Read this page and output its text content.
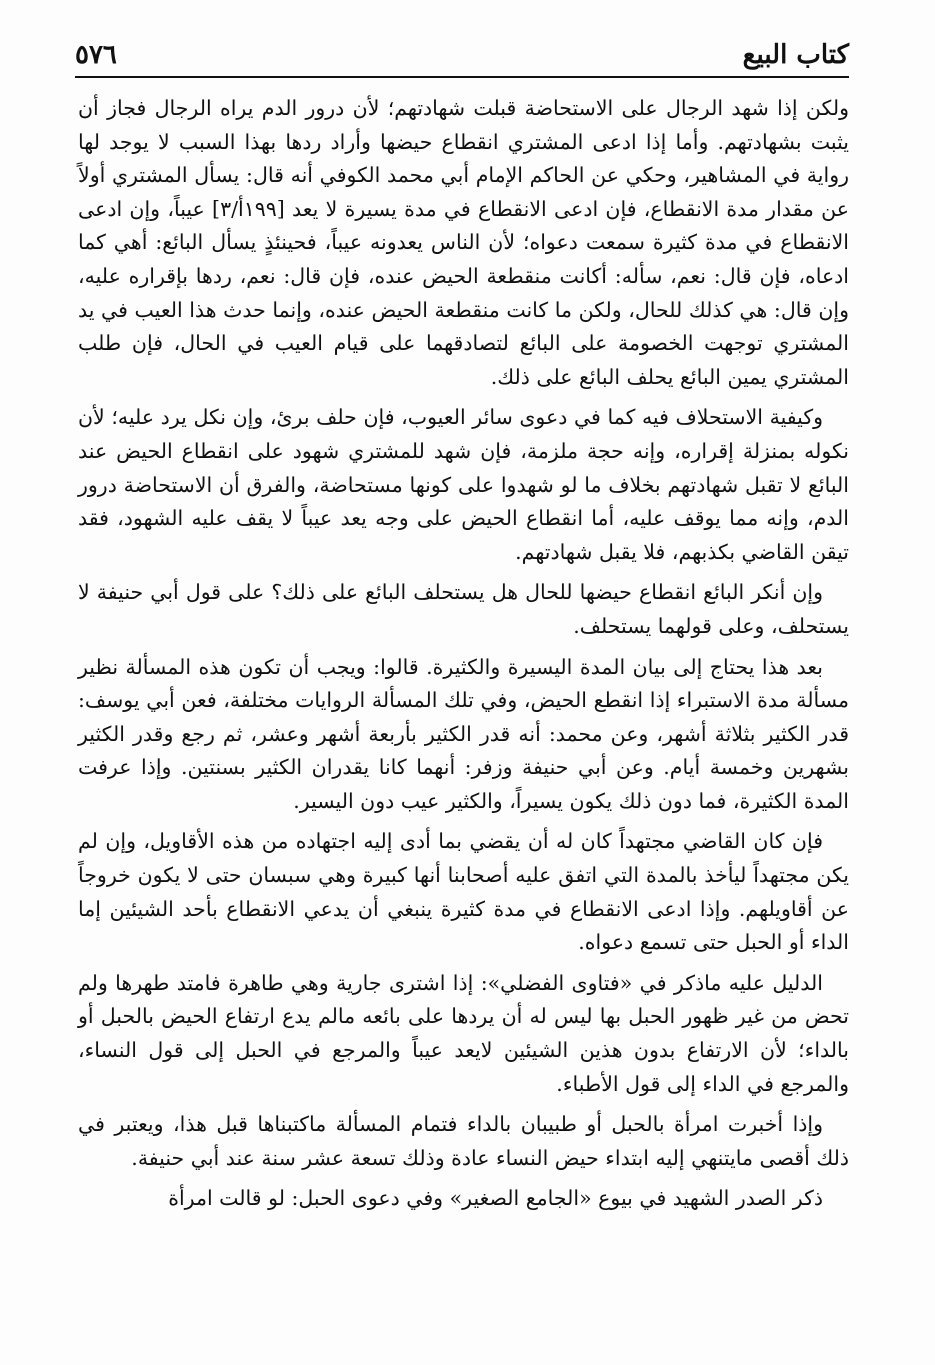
كتاب البيع
٥٧٦

ولكن إذا شهد الرجال على الاستحاضة قبلت شهادتهم؛ لأن درور الدم يراه الرجال فجاز أن يثبت بشهادتهم. وأما إذا ادعى المشتري انقطاع حيضها وأراد ردها بهذا السبب لا يوجد لها رواية في المشاهير، وحكي عن الحاكم الإمام أبي محمد الكوفي أنه قال: يسأل المشتري أولاً عن مقدار مدة الانقطاع، فإن ادعى الانقطاع في مدة يسيرة لا يعد [١٩٩أ/٣] عيباً، وإن ادعى الانقطاع في مدة كثيرة سمعت دعواه؛ لأن الناس يعدونه عيباً، فحينئذٍ يسأل البائع: أهي كما ادعاه، فإن قال: نعم، سأله: أكانت منقطعة الحيض عنده، فإن قال: نعم، ردها بإقراره عليه، وإن قال: هي كذلك للحال، ولكن ما كانت منقطعة الحيض عنده، وإنما حدث هذا العيب في يد المشتري توجهت الخصومة على البائع لتصادقهما على قيام العيب في الحال، فإن طلب المشتري يمين البائع يحلف البائع على ذلك.

وكيفية الاستحلاف فيه كما في دعوى سائر العيوب، فإن حلف برئ، وإن نكل يرد عليه؛ لأن نكوله بمنزلة إقراره، وإنه حجة ملزمة، فإن شهد للمشتري شهود على انقطاع الحيض عند البائع لا تقبل شهادتهم بخلاف ما لو شهدوا على كونها مستحاضة، والفرق أن الاستحاضة درور الدم، وإنه مما يوقف عليه، أما انقطاع الحيض على وجه يعد عيباً لا يقف عليه الشهود، فقد تيقن القاضي بكذبهم، فلا يقبل شهادتهم.

وإن أنكر البائع انقطاع حيضها للحال هل يستحلف البائع على ذلك؟ على قول أبي حنيفة لا يستحلف، وعلى قولهما يستحلف.

بعد هذا يحتاج إلى بيان المدة اليسيرة والكثيرة. قالوا: ويجب أن تكون هذه المسألة نظير مسألة مدة الاستبراء إذا انقطع الحيض، وفي تلك المسألة الروايات مختلفة، فعن أبي يوسف: قدر الكثير بثلاثة أشهر، وعن محمد: أنه قدر الكثير بأربعة أشهر وعشر، ثم رجع وقدر الكثير بشهرين وخمسة أيام. وعن أبي حنيفة وزفر: أنهما كانا يقدران الكثير بسنتين. وإذا عرفت المدة الكثيرة، فما دون ذلك يكون يسيراً، والكثير عيب دون اليسير.

فإن كان القاضي مجتهداً كان له أن يقضي بما أدى إليه اجتهاده من هذه الأقاويل، وإن لم يكن مجتهداً ليأخذ بالمدة التي اتفق عليه أصحابنا أنها كبيرة وهي سبسان حتى لا يكون خروجاً عن أقاويلهم. وإذا ادعى الانقطاع في مدة كثيرة ينبغي أن يدعي الانقطاع بأحد الشيئين إما الداء أو الحبل حتى تسمع دعواه.

الدليل عليه ماذكر في «فتاوى الفضلي»: إذا اشترى جارية وهي طاهرة فامتد طهرها ولم تحض من غير ظهور الحبل بها ليس له أن يردها على بائعه مالم يدع ارتفاع الحيض بالحبل أو بالداء؛ لأن الارتفاع بدون هذين الشيئين لايعد عيباً والمرجع في الحبل إلى قول النساء، والمرجع في الداء إلى قول الأطباء.

وإذا أخبرت امرأة بالحبل أو طبيبان بالداء فتمام المسألة ماكتبناها قبل هذا، ويعتبر في ذلك أقصى مايتنهي إليه ابتداء حيض النساء عادة وذلك تسعة عشر سنة عند أبي حنيفة.

ذكر الصدر الشهيد في بيوع «الجامع الصغير» وفي دعوى الحبل: لو قالت امرأة
